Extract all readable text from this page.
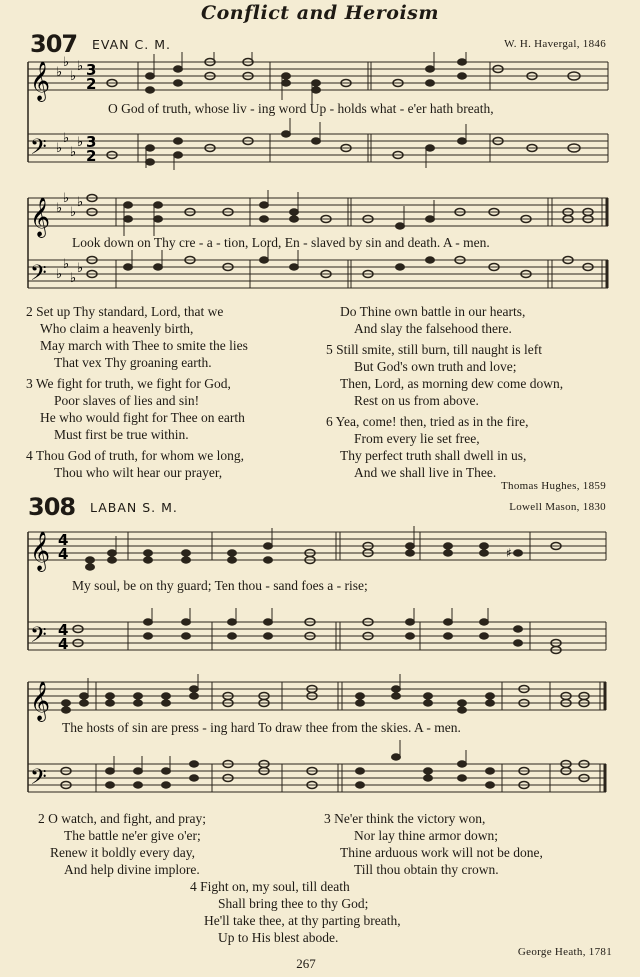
Conflict and Heroism
307 EVAN C. M.	W. H. Havergal, 1846
𝄞
𝄢
♭
♭
♭
♭
♭
♭
♭
♭
3
2
3
2
O God of truth, whose liv - ing word Up - holds what - e'er hath breath,
𝄞
𝄢
♭
♭
♭
♭
♭
♭
♭
♭
Look down on Thy cre - a - tion, Lord, En - slaved by sin and death. A - men.
2 Set up Thy standard, Lord, that we
Who claim a heavenly birth,
May march with Thee to smite the lies
That vex Thy groaning earth.
3 We fight for truth, we fight for God,
Poor slaves of lies and sin!
He who would fight for Thee on earth
Must first be true within.
4 Thou God of truth, for whom we long,
Thou who wilt hear our prayer,
Do Thine own battle in our hearts,
And slay the falsehood there.
5 Still smite, still burn, till naught is left
But God's own truth and love;
Then, Lord, as morning dew come down,
Rest on us from above.
6 Yea, come! then, tried as in the fire,
From every lie set free,
Thy perfect truth shall dwell in us,
And we shall live in Thee.
Thomas Hughes, 1859
308 LABAN S. M.	Lowell Mason, 1830
𝄞
𝄢
4
4
4
4
♯
My soul, be on thy guard; Ten thou - sand foes a - rise;
𝄞
𝄢
The hosts of sin are press - ing hard To draw thee from the skies. A - men.
2 O watch, and fight, and pray;
The battle ne'er give o'er;
Renew it boldly every day,
And help divine implore.
3 Ne'er think the victory won,
Nor lay thine armor down;
Thine arduous work will not be done,
Till thou obtain thy crown.
4 Fight on, my soul, till death
Shall bring thee to thy God;
He'll take thee, at thy parting breath,
Up to His blest abode.
George Heath, 1781
267
